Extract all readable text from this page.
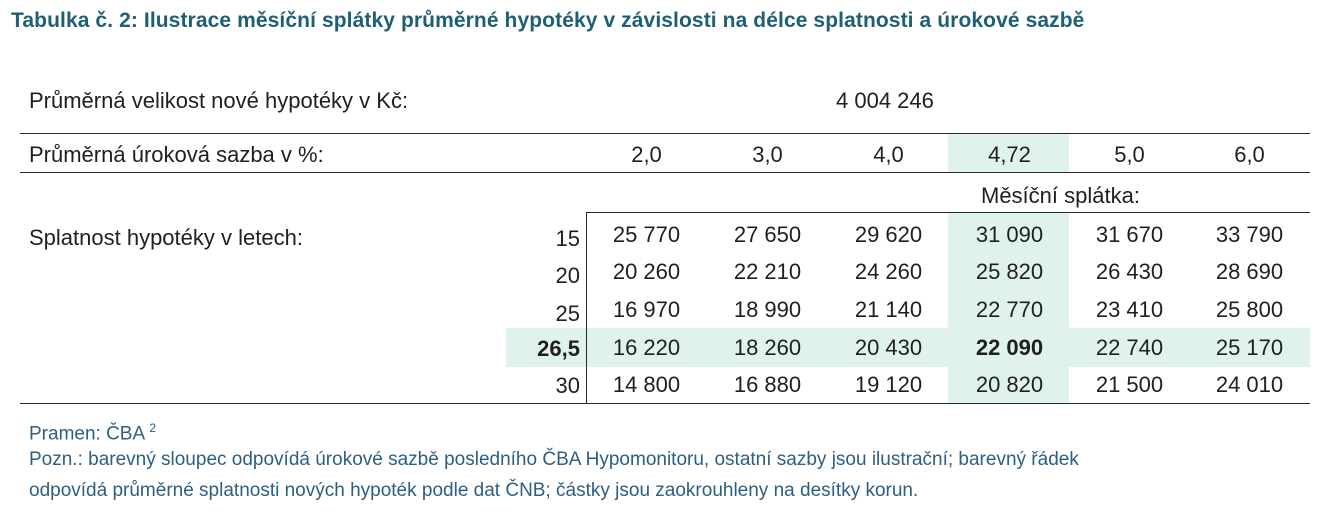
Tabulka č. 2: Ilustrace měsíční splátky průměrné hypotéky v závislosti na délce splatnosti a úrokové sazbě
Průměrná velikost nové hypotéky v Kč:	4 004 246
Průměrná úroková sazba v %:	2,0	3,0	4,0	4,72	5,0	6,0
Měsíční splátka:
Splatnost hypotéky v letech:	15	25 770	27 650	29 620	31 090	31 670	33 790
20	20 260	22 210	24 260	25 820	26 430	28 690
25	16 970	18 990	21 140	22 770	23 410	25 800
26,5	16 220	18 260	20 430	22 090	22 740	25 170
30	14 800	16 880	19 120	20 820	21 500	24 010
Pramen: ČBA $^2$
Pozn.: barevný sloupec odpovídá úrokové sazbě posledního ČBA Hypomonitoru, ostatní sazby jsou ilustrační; barevný řádek
odpovídá průměrné splatnosti nových hypoték podle dat ČNB; částky jsou zaokrouhleny na desítky korun.
